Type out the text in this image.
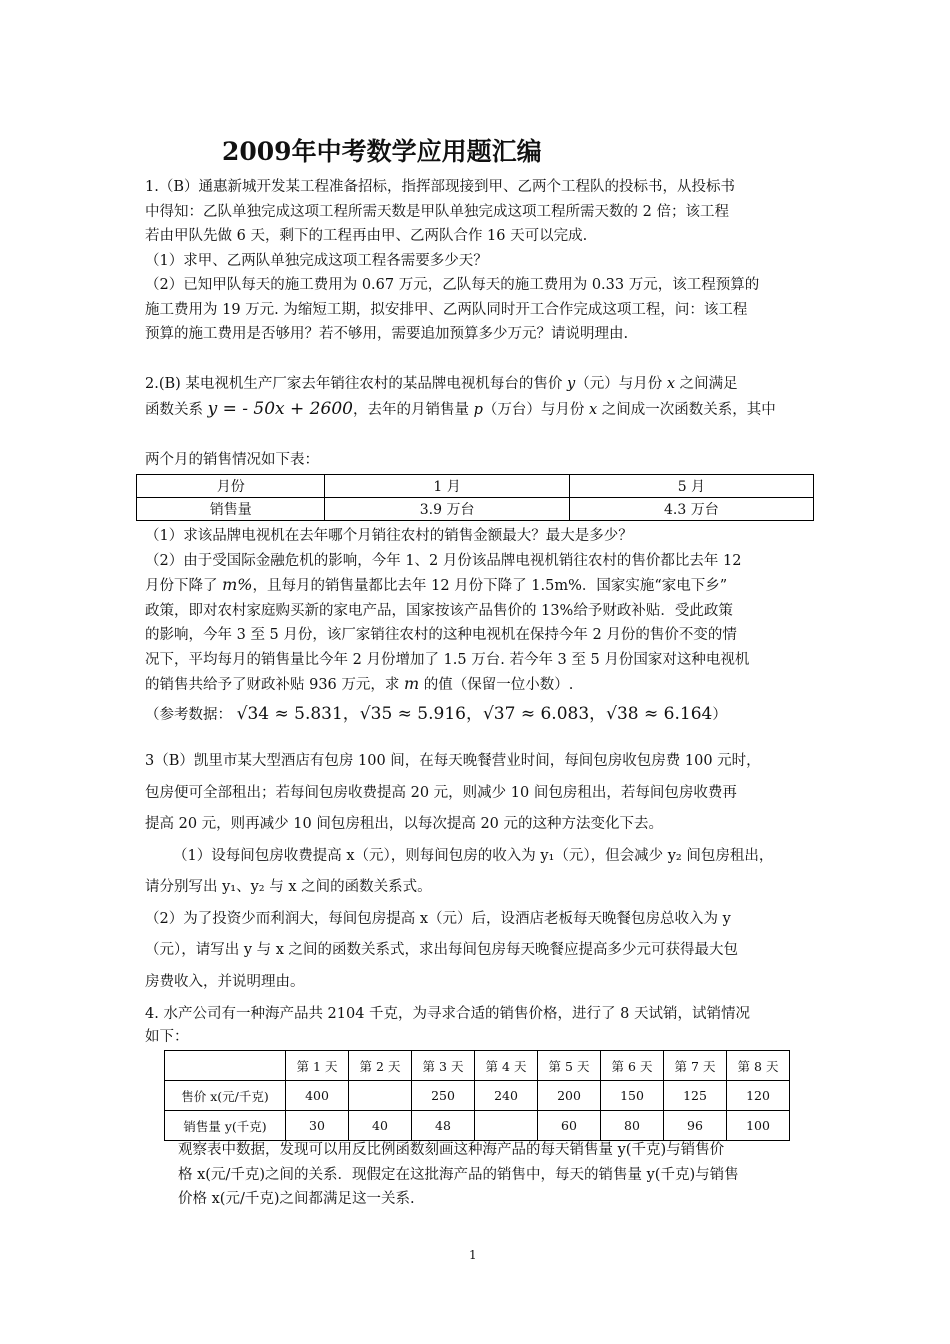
2009年中考数学应用题汇编
1.（B）通惠新城开发某工程准备招标，指挥部现接到甲、乙两个工程队的投标书，从投标书
中得知：乙队单独完成这项工程所需天数是甲队单独完成这项工程所需天数的 2 倍；该工程
若由甲队先做 6 天，剩下的工程再由甲、乙两队合作 16 天可以完成.
（1）求甲、乙两队单独完成这项工程各需要多少天？
（2）已知甲队每天的施工费用为 0.67 万元，乙队每天的施工费用为 0.33 万元，该工程预算的
施工费用为 19 万元. 为缩短工期，拟安排甲、乙两队同时开工合作完成这项工程，问：该工程
预算的施工费用是否够用？若不够用，需要追加预算多少万元？请说明理由.
2.(B) 某电视机生产厂家去年销往农村的某品牌电视机每台的售价 y（元）与月份 x 之间满足
函数关系 y = - 50x + 2600，去年的月销售量 p（万台）与月份 x 之间成一次函数关系，其中
两个月的销售情况如下表：
月份	1 月	5 月
销售量	3.9 万台	4.3 万台
（1）求该品牌电视机在去年哪个月销往农村的销售金额最大？最大是多少？
（2）由于受国际金融危机的影响，今年 1、2 月份该品牌电视机销往农村的售价都比去年 12
月份下降了 m%，且每月的销售量都比去年 12 月份下降了 1.5m%．国家实施“家电下乡”
政策，即对农村家庭购买新的家电产品，国家按该产品售价的 13%给予财政补贴．受此政策
的影响，今年 3 至 5 月份，该厂家销往农村的这种电视机在保持今年 2 月份的售价不变的情
况下，平均每月的销售量比今年 2 月份增加了 1.5 万台. 若今年 3 至 5 月份国家对这种电视机
的销售共给予了财政补贴 936 万元，求 m 的值（保留一位小数）.
（参考数据： √34 ≈ 5.831，√35 ≈ 5.916，√37 ≈ 6.083，√38 ≈ 6.164）
3（B）凯里市某大型酒店有包房 100 间，在每天晚餐营业时间，每间包房收包房费 100 元时，
包房便可全部租出；若每间包房收费提高 20 元，则减少 10 间包房租出，若每间包房收费再
提高 20 元，则再减少 10 间包房租出，以每次提高 20 元的这种方法变化下去。
（1）设每间包房收费提高 x（元），则每间包房的收入为 y₁（元），但会减少 y₂ 间包房租出，
请分别写出 y₁、y₂ 与 x 之间的函数关系式。
（2）为了投资少而利润大，每间包房提高 x（元）后，设酒店老板每天晚餐包房总收入为 y
（元），请写出 y 与 x 之间的函数关系式，求出每间包房每天晚餐应提高多少元可获得最大包
房费收入，并说明理由。
4. 水产公司有一种海产品共 2104 千克，为寻求合适的销售价格，进行了 8 天试销，试销情况
如下：
	第 1 天	第 2 天	第 3 天	第 4 天	第 5 天	第 6 天	第 7 天	第 8 天
售价 x(元/千克)	400		250	240	200	150	125	120
销售量 y(千克)	30	40	48		60	80	96	100
观察表中数据，发现可以用反比例函数刻画这种海产品的每天销售量 y(千克)与销售价
格 x(元/千克)之间的关系．现假定在这批海产品的销售中，每天的销售量 y(千克)与销售
价格 x(元/千克)之间都满足这一关系.
1
